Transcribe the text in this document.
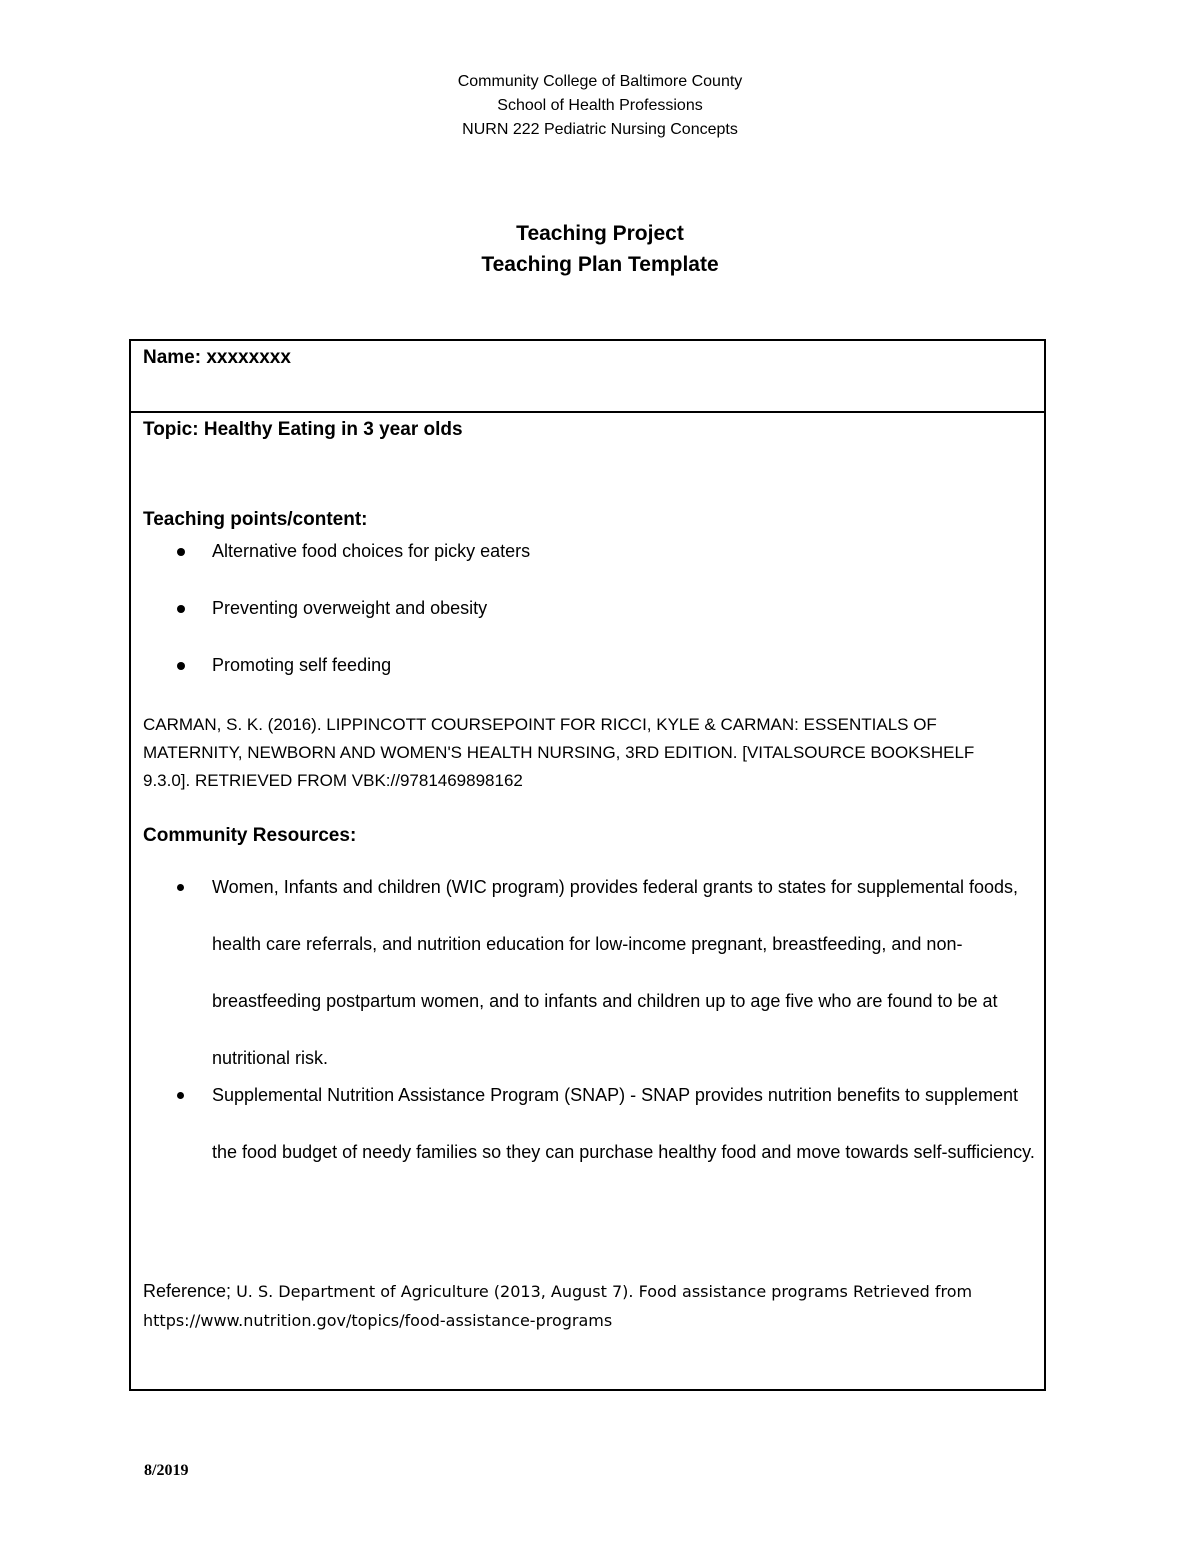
Community College of Baltimore County
School of Health Professions
NURN 222 Pediatric Nursing Concepts
Teaching Project
Teaching Plan Template
Name: xxxxxxxx
Topic: Healthy Eating in 3 year olds
Teaching points/content:
Alternative food choices for picky eaters
Preventing overweight and obesity
Promoting self feeding
CARMAN, S. K. (2016). LIPPINCOTT COURSEPOINT FOR RICCI, KYLE & CARMAN: ESSENTIALS OF MATERNITY, NEWBORN AND WOMEN'S HEALTH NURSING, 3RD EDITION. [VITALSOURCE BOOKSHELF 9.3.0]. RETRIEVED FROM VBK://9781469898162
Community Resources:
Women, Infants and children (WIC program) provides federal grants to states for supplemental foods, health care referrals, and nutrition education for low-income pregnant, breastfeeding, and non-breastfeeding postpartum women, and to infants and children up to age five who are found to be at nutritional risk.
Supplemental Nutrition Assistance Program (SNAP) - SNAP provides nutrition benefits to supplement the food budget of needy families so they can purchase healthy food and move towards self-sufficiency.
Reference; U. S. Department of Agriculture (2013, August 7). Food assistance programs Retrieved from https://www.nutrition.gov/topics/food-assistance-programs
8/2019
